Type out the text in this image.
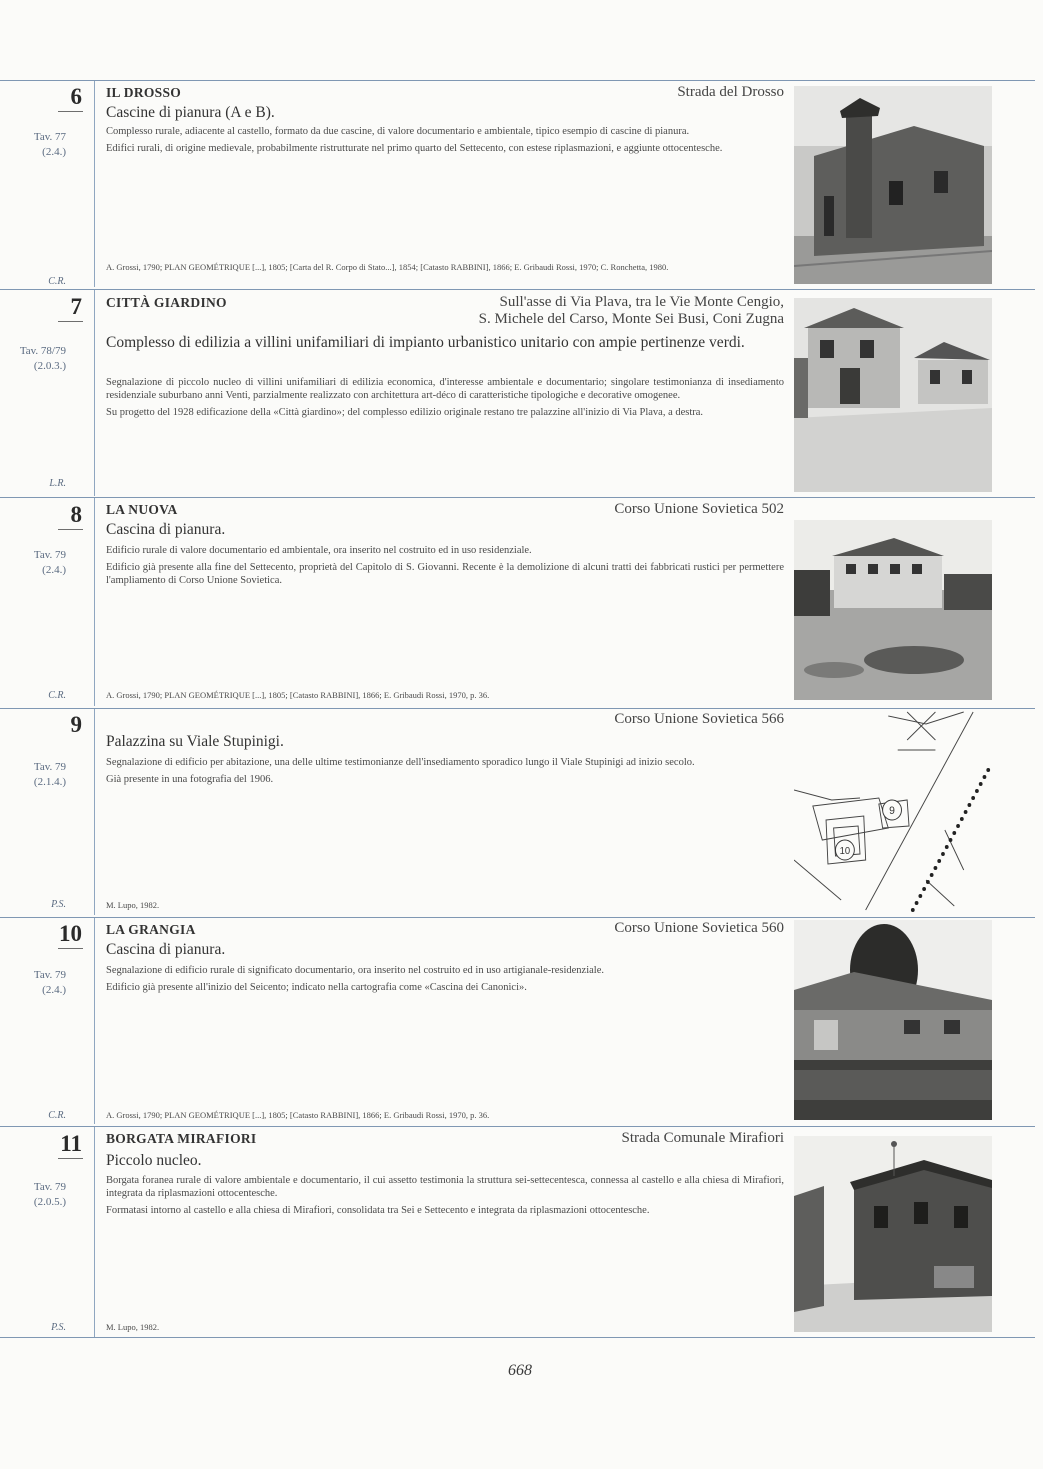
6
Tav. 77
(2.4.)
C.R.
IL DROSSO	Strada del Drosso
Cascine di pianura (A e B).

Complesso rurale, adiacente al castello, formato da due cascine, di valore documentario e ambientale, tipico esempio di cascine di pianura.

Edifici rurali, di origine medievale, probabilmente ristrutturate nel primo quarto del Settecento, con estese riplasmazioni, e aggiunte ottocentesche.

A. Grossi, 1790; PLAN GEOMÉTRIQUE [...], 1805; [Carta del R. Corpo di Stato...], 1854; [Catasto RABBINI], 1866; E. Gribaudi Rossi, 1970; C. Ronchetta, 1980.
7
Tav. 78/79
(2.0.3.)
L.R.
CITTÀ GIARDINO	Sull'asse di Via Plava, tra le Vie Monte Cengio,
S. Michele del Carso, Monte Sei Busi, Coni Zugna
Complesso di edilizia a villini unifamiliari di impianto urbanistico unitario con ampie pertinenze verdi.

Segnalazione di piccolo nucleo di villini unifamiliari di edilizia economica, d'interesse ambientale e documentario; singolare testimonianza di insediamento residenziale suburbano anni Venti, parzialmente realizzato con architettura art-déco di caratteristiche tipologiche e decorative omogenee.

Su progetto del 1928 edificazione della «Città giardino»; del complesso edilizio originale restano tre palazzine all'inizio di Via Plava, a destra.

8
Tav. 79
(2.4.)
C.R.
LA NUOVA	Corso Unione Sovietica 502
Cascina di pianura.

Edificio rurale di valore documentario ed ambientale, ora inserito nel costruito ed in uso residenziale.

Edificio già presente alla fine del Settecento, proprietà del Capitolo di S. Giovanni. Recente è la demolizione di alcuni tratti dei fabbricati rustici per permettere l'ampliamento di Corso Unione Sovietica.

A. Grossi, 1790; PLAN GEOMÉTRIQUE [...], 1805; [Catasto RABBINI], 1866; E. Gribaudi Rossi, 1970, p. 36.
9
Tav. 79
(2.1.4.)
P.S.
Corso Unione Sovietica 566
Palazzina su Viale Stupinigi.

Segnalazione di edificio per abitazione, una delle ultime testimonianze dell'insediamento sporadico lungo il Viale Stupinigi ad inizio secolo.

Già presente in una fotografia del 1906.

M. Lupo, 1982.
9
10
10
Tav. 79
(2.4.)
C.R.
LA GRANGIA	Corso Unione Sovietica 560
Cascina di pianura.

Segnalazione di edificio rurale di significato documentario, ora inserito nel costruito ed in uso artigianale-residenziale.

Edificio già presente all'inizio del Seicento; indicato nella cartografia come «Cascina dei Canonici».

A. Grossi, 1790; PLAN GEOMÉTRIQUE [...], 1805; [Catasto RABBINI], 1866; E. Gribaudi Rossi, 1970, p. 36.
11
Tav. 79
(2.0.5.)
P.S.
BORGATA MIRAFIORI	Strada Comunale Mirafiori
Piccolo nucleo.

Borgata foranea rurale di valore ambientale e documentario, il cui assetto testimonia la struttura sei-settecentesca, connessa al castello e alla chiesa di Mirafiori, integrata da riplasmazioni ottocentesche.

Formatasi intorno al castello e alla chiesa di Mirafiori, consolidata tra Sei e Settecento e integrata da riplasmazioni ottocentesche.

M. Lupo, 1982.
668
